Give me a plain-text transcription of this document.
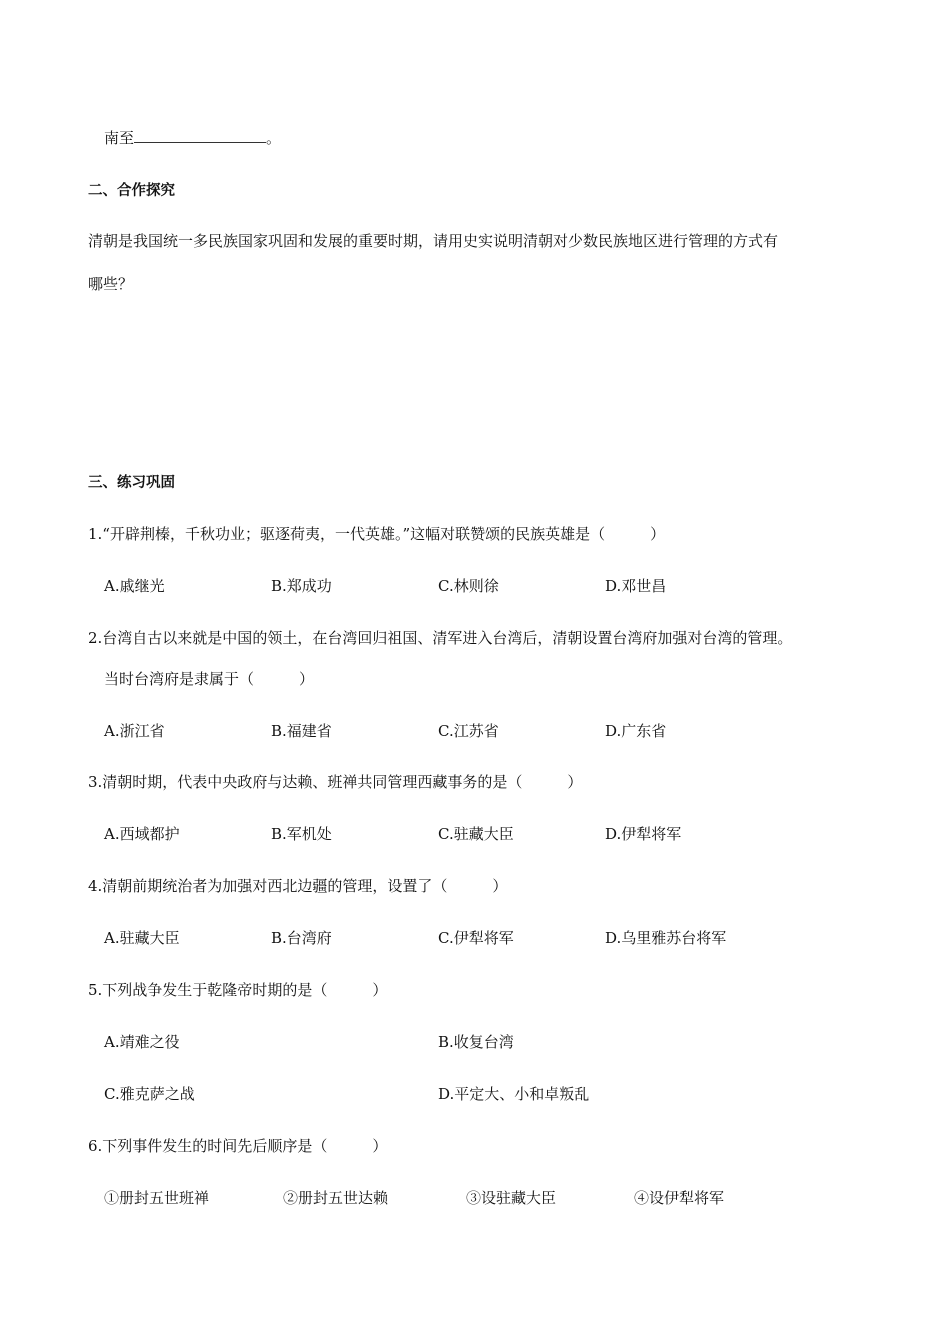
南至	。
二、合作探究
清朝是我国统一多民族国家巩固和发展的重要时期，请用史实说明清朝对少数民族地区进行管理的方式有
哪些？
三、练习巩固
1.“开辟荆榛，千秋功业；驱逐荷夷，一代英雄。”这幅对联赞颂的民族英雄是（　　　）
A.戚继光	B.郑成功	C.林则徐	D.邓世昌
2.台湾自古以来就是中国的领土，在台湾回归祖国、清军进入台湾后，清朝设置台湾府加强对台湾的管理。
当时台湾府是隶属于（　　　）
A.浙江省	B.福建省	C.江苏省	D.广东省
3.清朝时期，代表中央政府与达赖、班禅共同管理西藏事务的是（　　　）
A.西域都护	B.军机处	C.驻藏大臣	D.伊犁将军
4.清朝前期统治者为加强对西北边疆的管理，设置了（　　　）
A.驻藏大臣	B.台湾府	C.伊犁将军	D.乌里雅苏台将军
5.下列战争发生于乾隆帝时期的是（　　　）
A.靖难之役	B.收复台湾
C.雅克萨之战	D.平定大、小和卓叛乱
6.下列事件发生的时间先后顺序是（　　　）
①册封五世班禅	②册封五世达赖	③设驻藏大臣	④设伊犁将军
